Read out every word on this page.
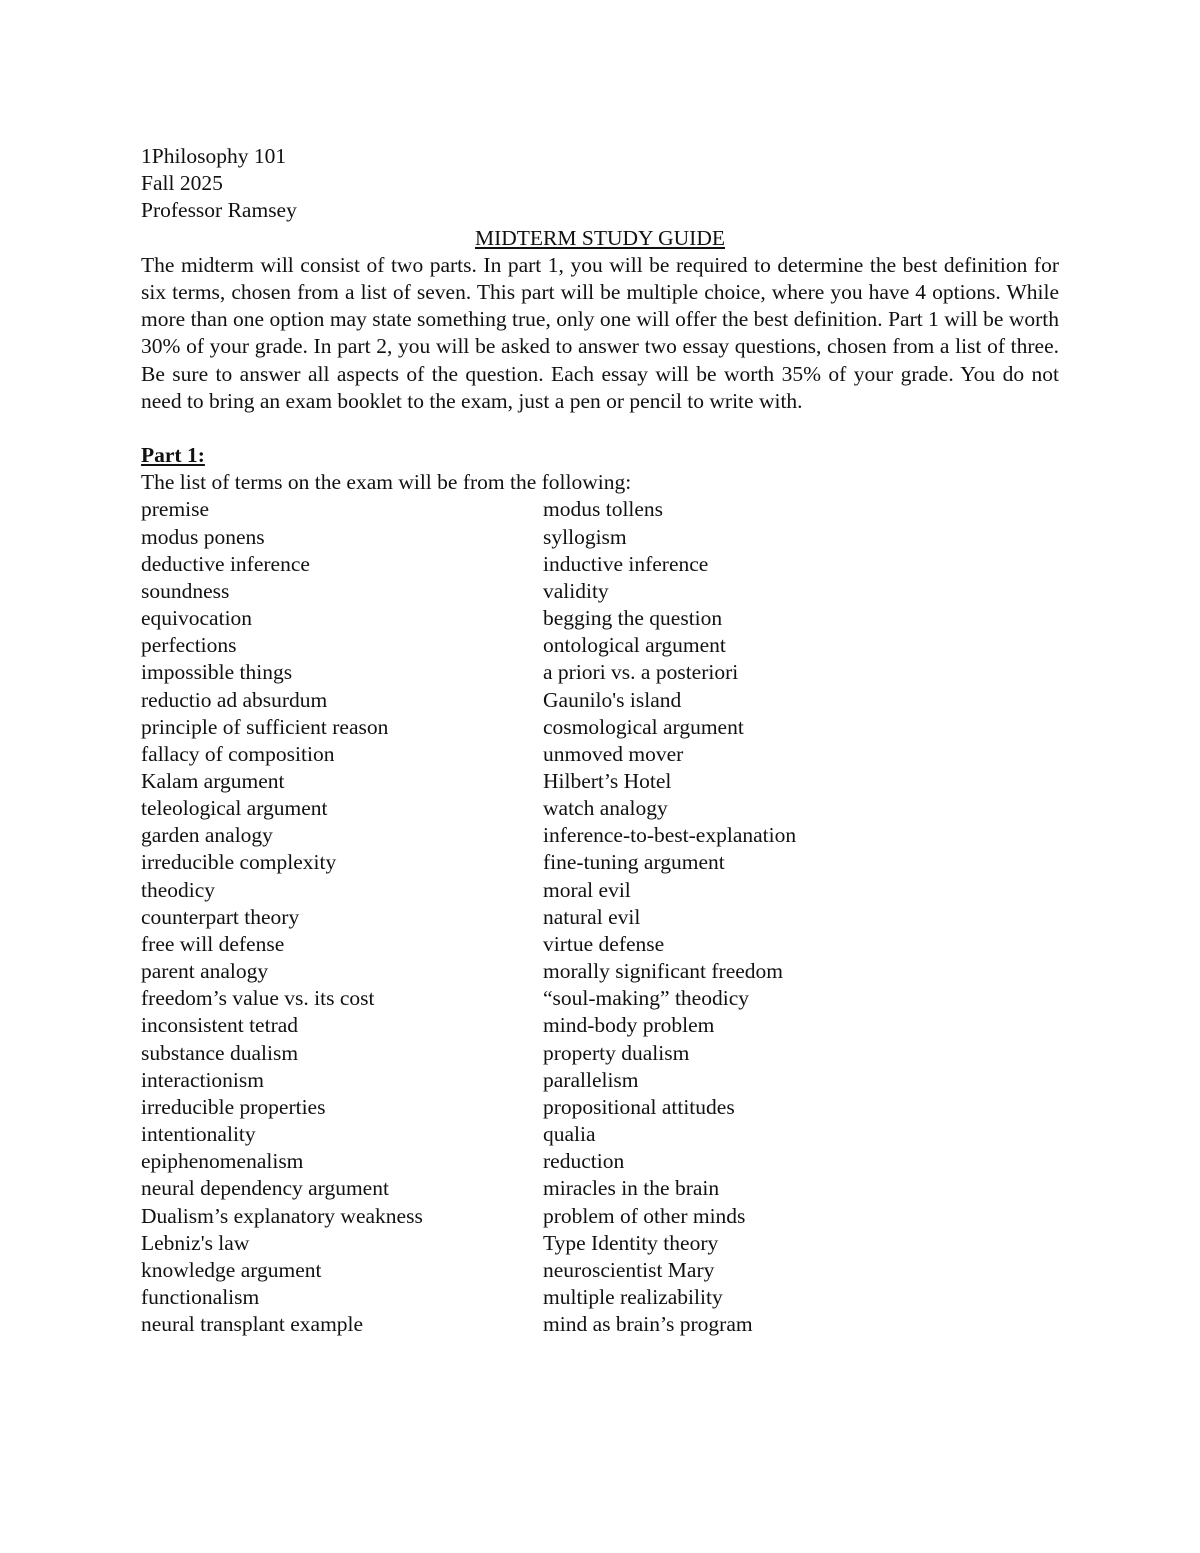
1Philosophy 101
Fall 2025
Professor Ramsey
MIDTERM STUDY GUIDE
The midterm will consist of two parts. In part 1, you will be required to determine the best definition for six terms, chosen from a list of seven. This part will be multiple choice, where you have 4 options. While more than one option may state something true, only one will offer the best definition. Part 1 will be worth 30% of your grade. In part 2, you will be asked to answer two essay questions, chosen from a list of three. Be sure to answer all aspects of the question. Each essay will be worth 35% of your grade. You do not need to bring an exam booklet to the exam, just a pen or pencil to write with.
Part 1:
The list of terms on the exam will be from the following:
premise	modus tollens
modus ponens	syllogism
deductive inference	inductive inference
soundness	validity
equivocation	begging the question
perfections	ontological argument
impossible things	a priori vs. a posteriori
reductio ad absurdum	Gaunilo's island
principle of sufficient reason	cosmological argument
fallacy of composition	unmoved mover
Kalam argument	Hilbert’s Hotel
teleological argument	watch analogy
garden analogy	inference-to-best-explanation
irreducible complexity	fine-tuning argument
theodicy	moral evil
counterpart theory	natural evil
free will defense	virtue defense
parent analogy	morally significant freedom
freedom’s value vs. its cost	“soul-making” theodicy
inconsistent tetrad	mind-body problem
substance dualism	property dualism
interactionism	parallelism
irreducible properties	propositional attitudes
intentionality	qualia
epiphenomenalism	reduction
neural dependency argument	miracles in the brain
Dualism’s explanatory weakness	problem of other minds
Lebniz's law	Type Identity theory
knowledge argument	neuroscientist Mary
functionalism	multiple realizability
neural transplant example	mind as brain’s program
